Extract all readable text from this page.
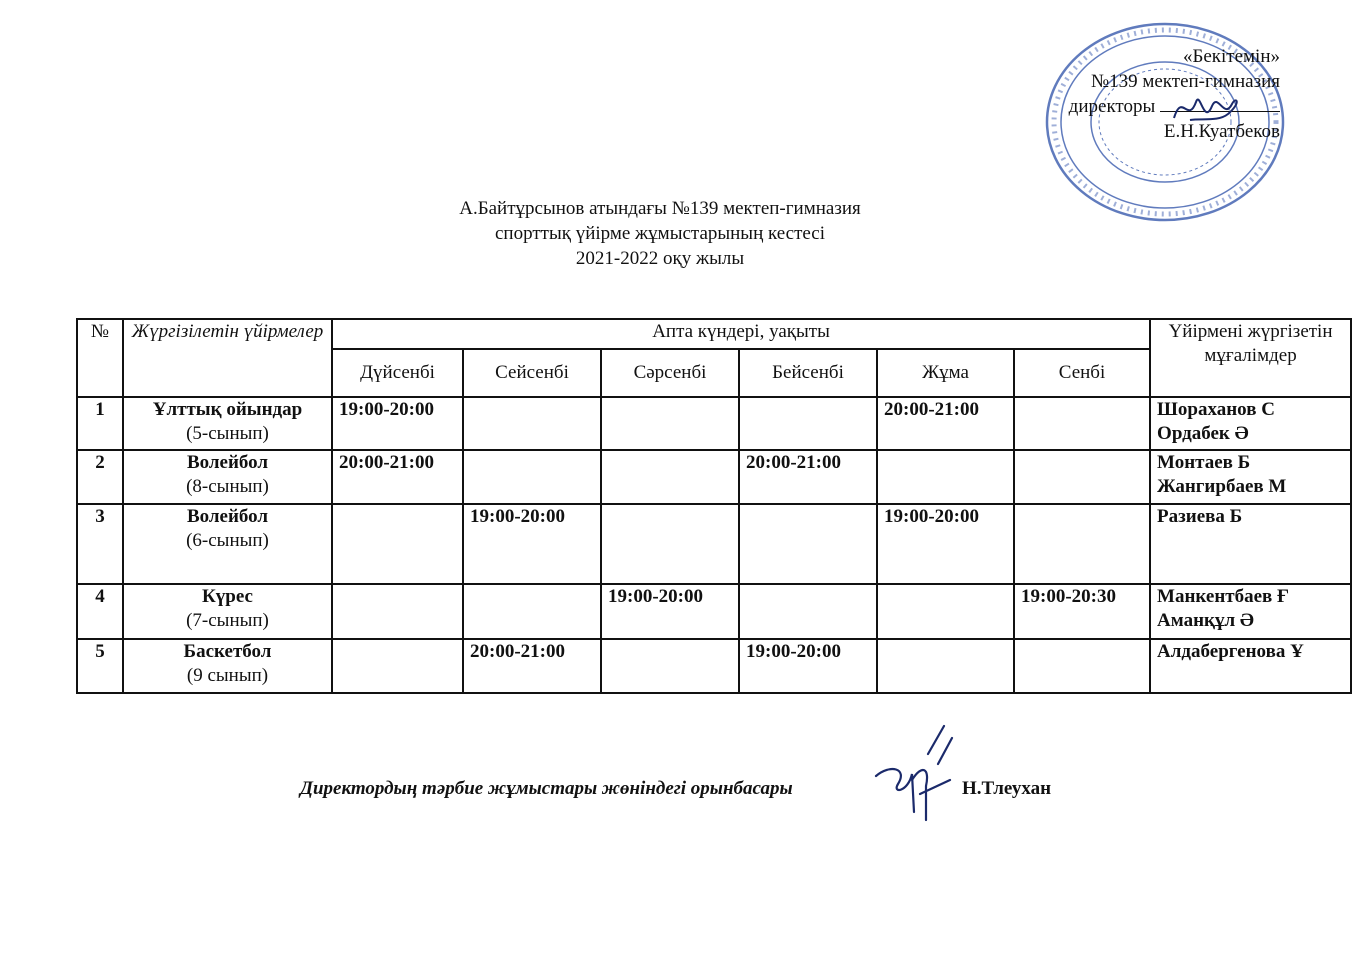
«Бекітемін»
№139 мектеп-гимназия
директоры
Е.Н.Куатбеков
А.Байтұрсынов атындағы №139 мектеп-гимназия
спорттық үйірме жұмыстарының кестесі
2021-2022 оқу жылы
№	Жүргізілетін үйірмелер	Апта күндері, уақыты						Үйірмені жүргізетін мұғалімдер
		Дүйсенбі	Сейсенбі	Сәрсенбі	Бейсенбі	Жұма	Сенбі	
1	Ұлттық ойындар
(5-сынып)	19:00-20:00				20:00-21:00		Шораханов С
Ордабек Ә
2	Волейбол
(8-сынып)	20:00-21:00			20:00-21:00			Монтаев Б
Жангирбаев М
3	Волейбол
(6-сынып)		19:00-20:00			19:00-20:00		Разиева Б

4	Күрес
(7-сынып)			19:00-20:00			19:00-20:30	Манкентбаев Ғ
Аманқұл Ә
5	Баскетбол
(9 сынып)		20:00-21:00		19:00-20:00			Алдабергенова Ұ

Директордың тәрбие жұмыстары жөніндегі орынбасары	Н.Тлеухан
